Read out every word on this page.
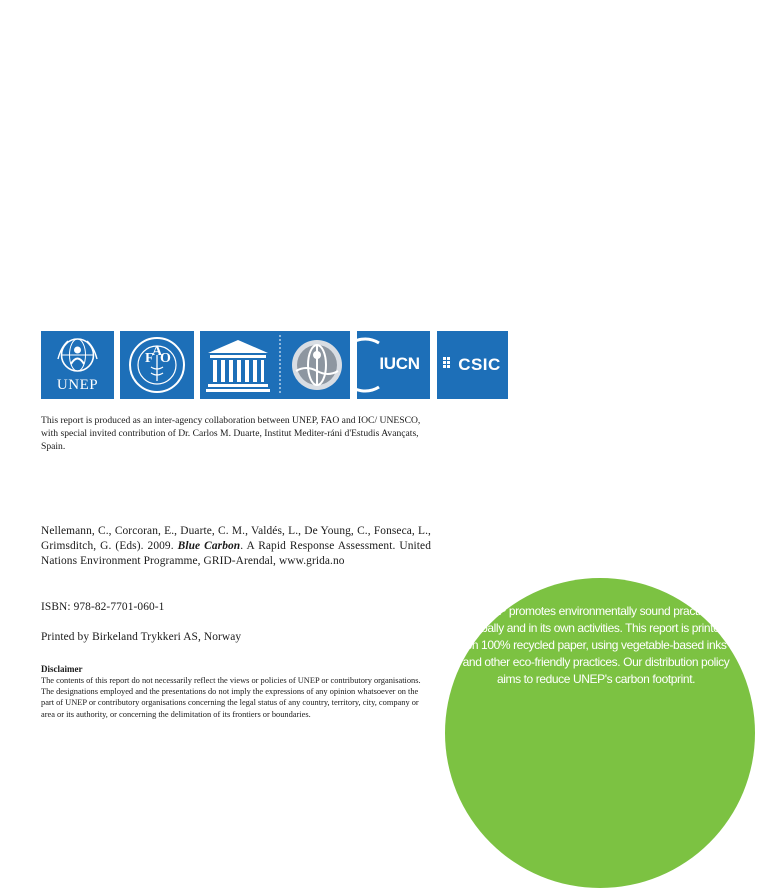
UNEP
F
A
O	IUCN	CSIC

This report is produced as an inter-agency collaboration between UNEP, FAO and IOC/ UNESCO, with special invited contribution of Dr. Carlos M. Duarte, Institut Mediter-ráni d'Estudis Avançats, Spain.

Nellemann, C., Corcoran, E., Duarte, C. M., Valdés, L., De Young, C., Fonseca, L., Grimsditch, G. (Eds). 2009. Blue Carbon. A Rapid Response Assessment. United Nations Environment Programme, GRID-Arendal, www.grida.no

ISBN: 978-82-7701-060-1

Printed by Birkeland Trykkeri AS, Norway

Disclaimer

The contents of this report do not necessarily reflect the views or policies of UNEP or contributory organisations. The designations employed and the presentations do not imply the expressions of any opinion whatsoever on the part of UNEP or contributory organisations concerning the legal status of any country, territory, city, company or area or its authority, or concerning the delimitation of its frontiers or boundaries.

UNEP promotes environmentally sound practices globally and in its own activities. This report is printed on 100% recycled paper, using vegetable-based inks and other eco-friendly practices. Our distribution policy aims to reduce UNEP's carbon footprint.
